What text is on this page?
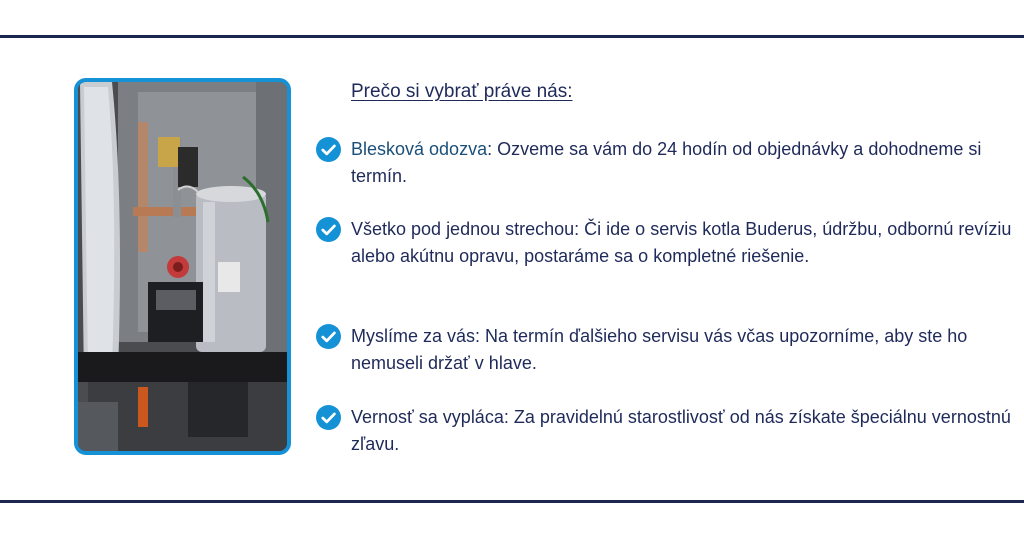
Prečo si vybrať práve nás:
Blesková odozva: Ozveme sa vám do 24 hodín od objednávky a dohodneme si termín.
Všetko pod jednou strechou: Či ide o servis kotla Buderus, údržbu, odbornú revíziu alebo akútnu opravu, postaráme sa o kompletné riešenie.
Myslíme za vás: Na termín ďalšieho servisu vás včas upozorníme, aby ste ho nemuseli držať v hlave.
Vernosť sa vypláca: Za pravidelnú starostlivosť od nás získate špeciálnu vernostnú zľavu.
